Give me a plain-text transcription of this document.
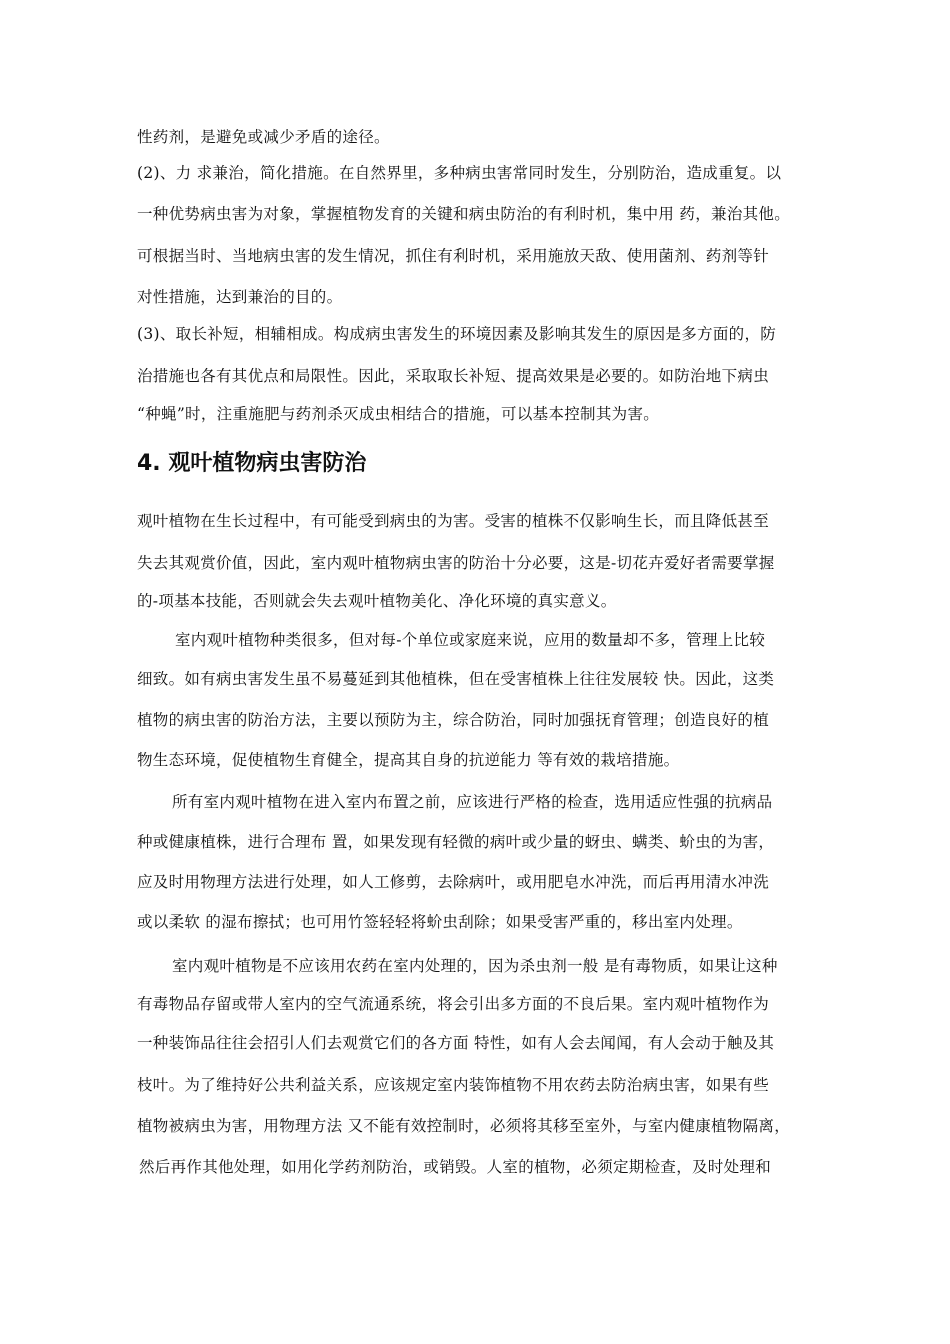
性药剂，是避免或减少矛盾的途径。
(2)、力 求兼治，简化措施。在自然界里，多种病虫害常同时发生，分别防治，造成重复。以
一种优势病虫害为对象，掌握植物发育的关键和病虫防治的有利时机，集中用 药，兼治其他。
可根据当时、当地病虫害的发生情况，抓住有利时机，采用施放天敌、使用菌剂、药剂等针
对性措施，达到兼治的目的。
(3)、取长补短，相辅相成。构成病虫害发生的环境因素及影响其发生的原因是多方面的，防
治措施也各有其优点和局限性。因此，采取取长补短、提高效果是必要的。如防治地下病虫
“种蝇”时，注重施肥与药剂杀灭成虫相结合的措施，可以基本控制其为害。
4. 观叶植物病虫害防治
观叶植物在生长过程中，有可能受到病虫的为害。受害的植株不仅影响生长，而且降低甚至
失去其观赏价值，因此，室内观叶植物病虫害的防治十分必要，这是-切花卉爱好者需要掌握
的-项基本技能，否则就会失去观叶植物美化、净化环境的真实意义。
室内观叶植物种类很多，但对每-个单位或家庭来说，应用的数量却不多，管理上比较
细致。如有病虫害发生虽不易蔓延到其他植株，但在受害植株上往往发展较 快。因此，这类
植物的病虫害的防治方法，主要以预防为主，综合防治，同时加强抚育管理；创造良好的植
物生态环境，促使植物生育健全，提高其自身的抗逆能力 等有效的栽培措施。
所有室内观叶植物在进入室内布置之前，应该进行严格的检查，选用适应性强的抗病品
种或健康植株，进行合理布 置，如果发现有轻微的病叶或少量的蚜虫、螨类、蚧虫的为害，
应及时用物理方法进行处理，如人工修剪，去除病叶，或用肥皂水冲洗，而后再用清水冲洗
或以柔软 的湿布擦拭；也可用竹签轻轻将蚧虫刮除；如果受害严重的，移出室内处理。
室内观叶植物是不应该用农药在室内处理的，因为杀虫剂一般 是有毒物质，如果让这种
有毒物品存留或带人室内的空气流通系统，将会引出多方面的不良后果。室内观叶植物作为
一种装饰品往往会招引人们去观赏它们的各方面 特性，如有人会去闻闻，有人会动于触及其
枝叶。为了维持好公共利益关系，应该规定室内装饰植物不用农药去防治病虫害，如果有些
植物被病虫为害，用物理方法 又不能有效控制时，必须将其移至室外，与室内健康植物隔离，
然后再作其他处理，如用化学药剂防治，或销毁。人室的植物，必须定期检查，及时处理和
